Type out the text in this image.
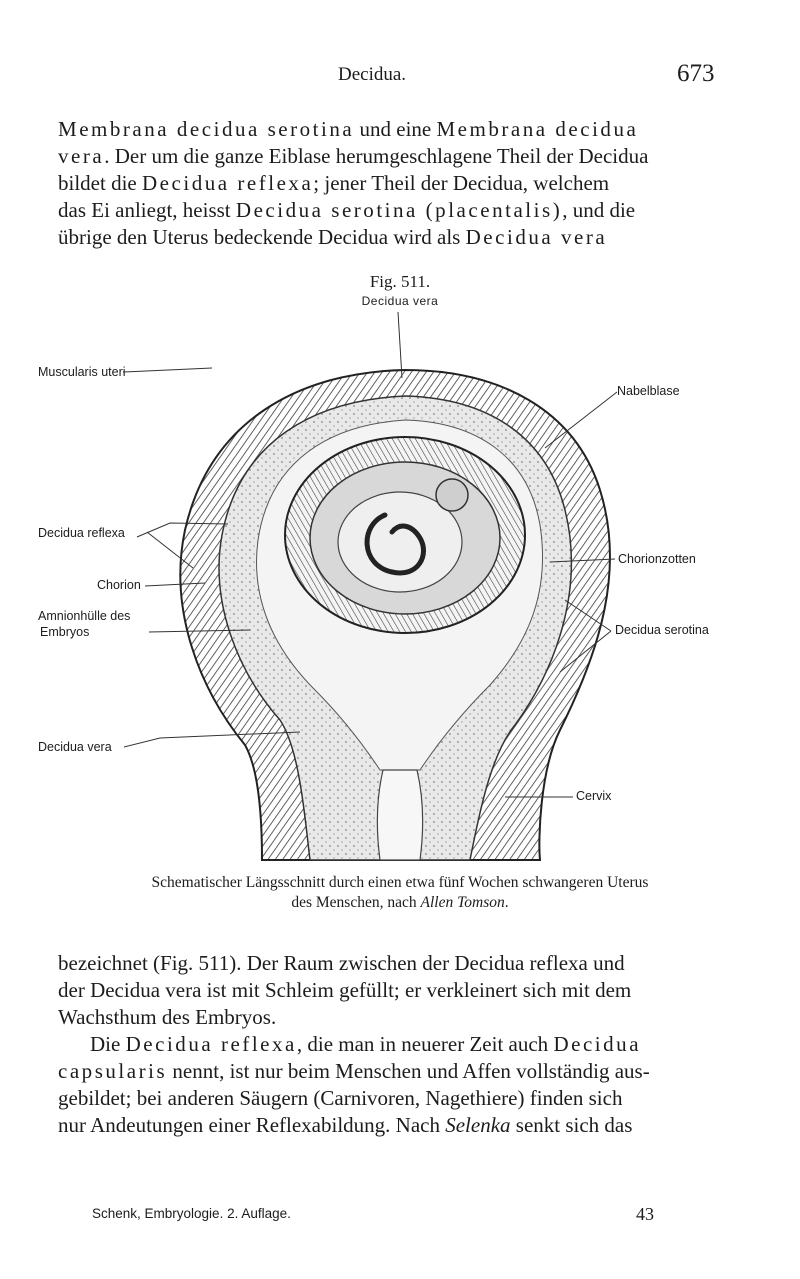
Decidua.	673
Membrana decidua serotina und eine Membrana decidua
vera. Der um die ganze Eiblase herumgeschlagene Theil der Decidua
bildet die Decidua reflexa; jener Theil der Decidua, welchem
das Ei anliegt, heisst Decidua serotina (placentalis), und die
übrige den Uterus bedeckende Decidua wird als Decidua vera
Fig. 511.
Decidua vera
Muscularis uteri
Decidua reflexa
Chorion
Amnionhülle des
Embryos
Decidua vera
Nabelblase
Chorionzotten
Decidua serotina
Cervix
Schematischer Längsschnitt durch einen etwa fünf Wochen schwangeren Uterus
des Menschen, nach Allen Tomson.
bezeichnet (Fig. 511). Der Raum zwischen der Decidua reflexa und
der Decidua vera ist mit Schleim gefüllt; er verkleinert sich mit dem
Wachsthum des Embryos.
Die Decidua reflexa, die man in neuerer Zeit auch Decidua
capsularis nennt, ist nur beim Menschen und Affen vollständig aus-
gebildet; bei anderen Säugern (Carnivoren, Nagethiere) finden sich
nur Andeutungen einer Reflexabildung. Nach Selenka senkt sich das
Schenk, Embryologie. 2. Auflage.	43
